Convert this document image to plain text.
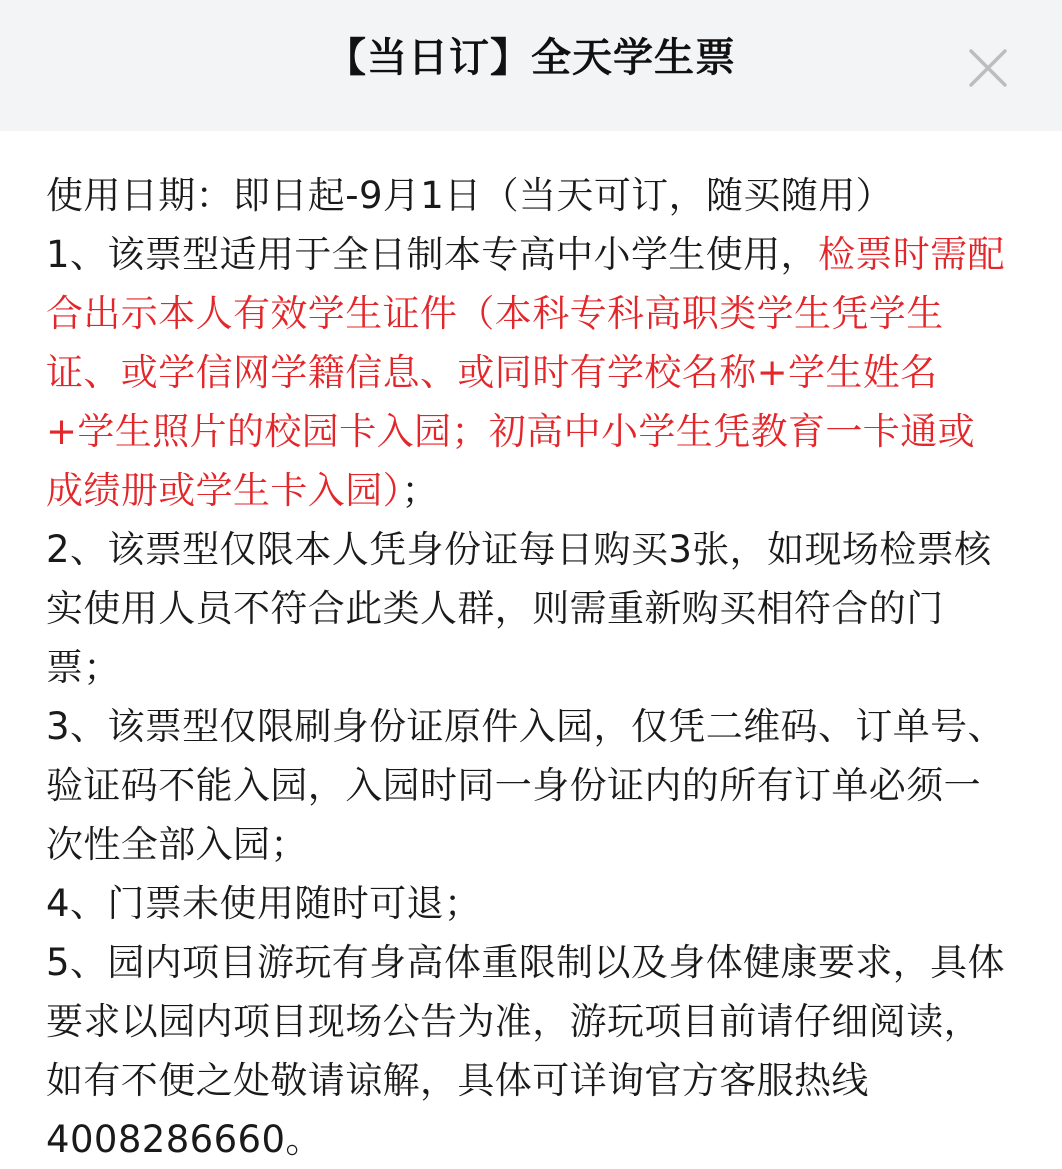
【当日订】全天学生票

使用日期：即日起-9月1日（当天可订，随买随用）

1、该票型适用于全日制本专高中小学生使用，检票时需配合出示本人有效学生证件（本科专科高职类学生凭学生证、或学信网学籍信息、或同时有学校名称+学生姓名+学生照片的校园卡入园；初高中小学生凭教育一卡通或成绩册或学生卡入园）；

2、该票型仅限本人凭身份证每日购买3张，如现场检票核实使用人员不符合此类人群，则需重新购买相符合的门票；

3、该票型仅限刷身份证原件入园，仅凭二维码、订单号、验证码不能入园，入园时同一身份证内的所有订单必须一次性全部入园；

4、门票未使用随时可退；

5、园内项目游玩有身高体重限制以及身体健康要求，具体要求以园内项目现场公告为准，游玩项目前请仔细阅读，如有不便之处敬请谅解，具体可详询官方客服热线4008286660。
